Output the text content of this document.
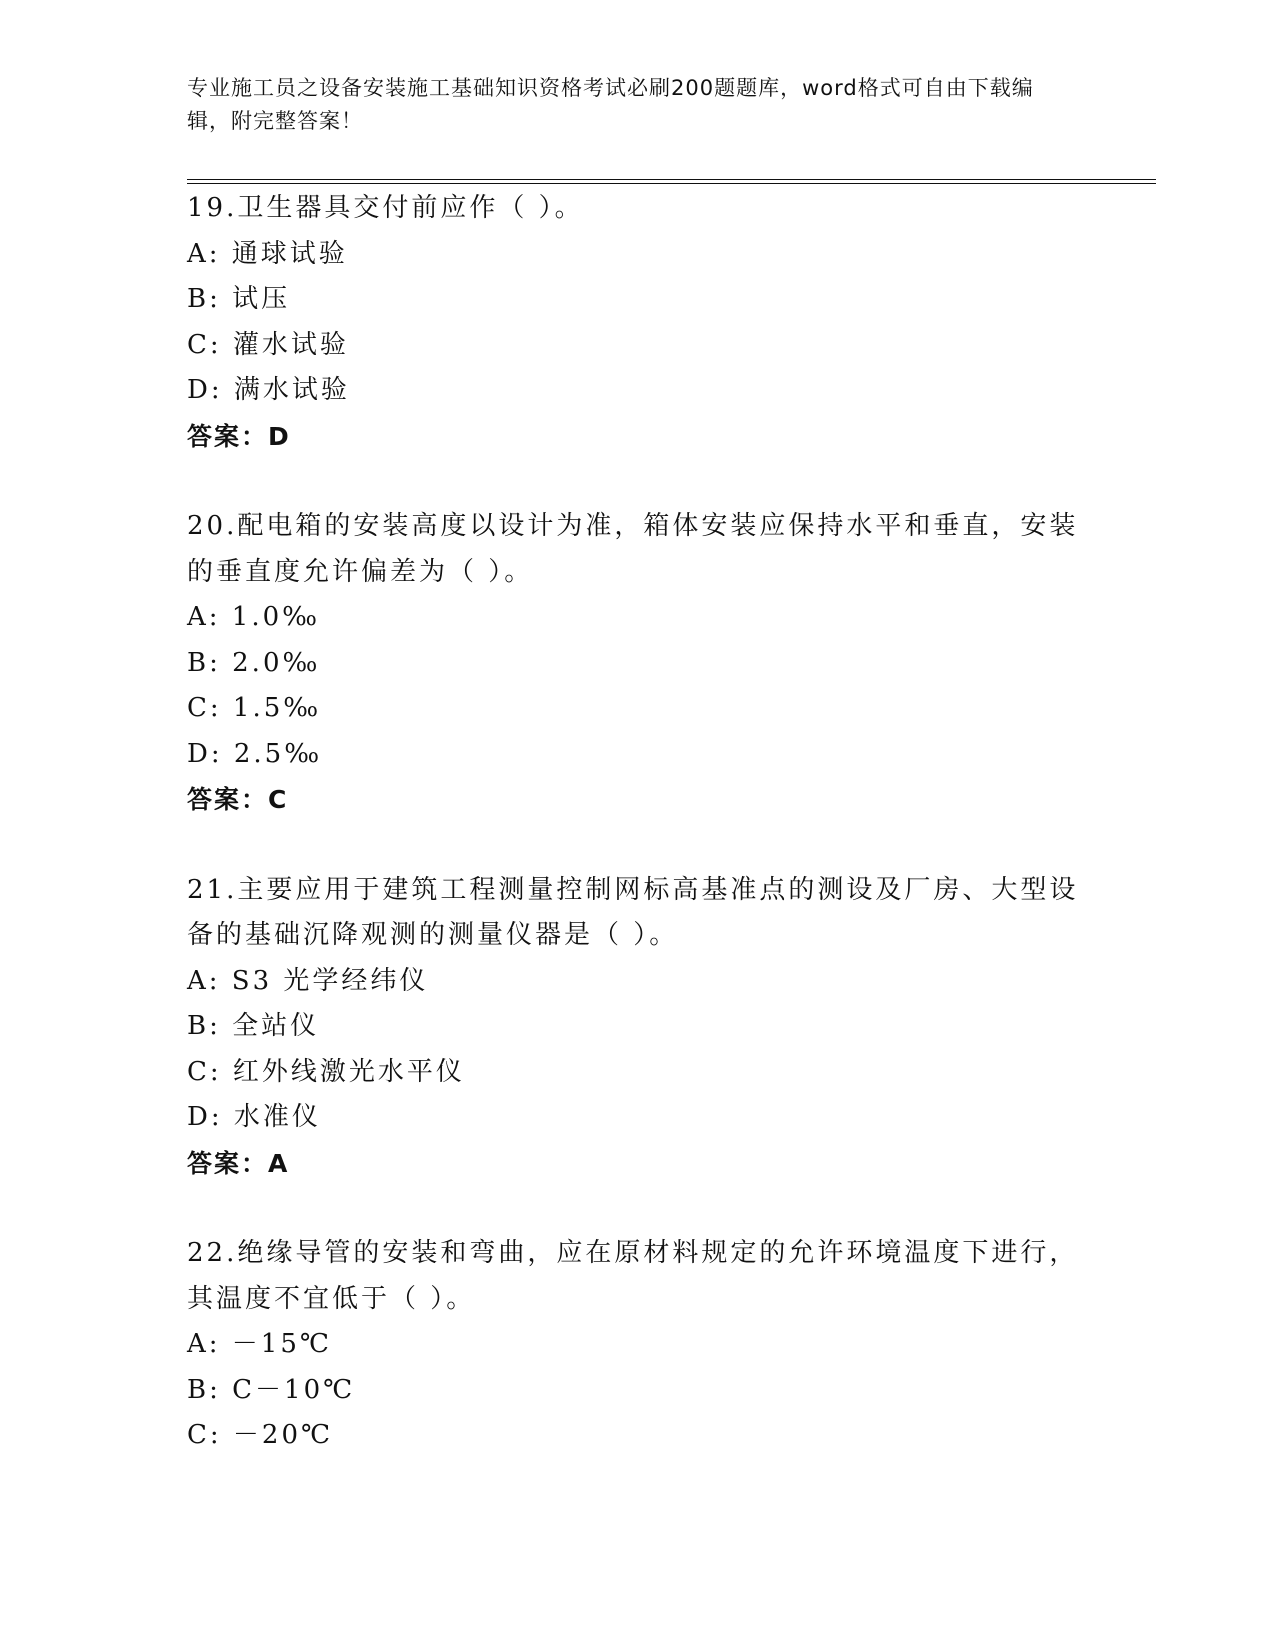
专业施工员之设备安装施工基础知识资格考试必刷200题题库，word格式可自由下载编辑，附完整答案！
19.卫生器具交付前应作（ ）。
A: 通球试验
B: 试压
C: 灌水试验
D: 满水试验
答案：D
20.配电箱的安装高度以设计为准，箱体安装应保持水平和垂直，安装的垂直度允许偏差为（ ）。
A: 1.0‰
B: 2.0‰
C: 1.5‰
D: 2.5‰
答案：C
21.主要应用于建筑工程测量控制网标高基准点的测设及厂房、大型设备的基础沉降观测的测量仪器是（ ）。
A: S3 光学经纬仪
B: 全站仪
C: 红外线激光水平仪
D: 水准仪
答案：A
22.绝缘导管的安装和弯曲，应在原材料规定的允许环境温度下进行，其温度不宜低于（ ）。
A: －15℃
B: C－10℃
C: －20℃
